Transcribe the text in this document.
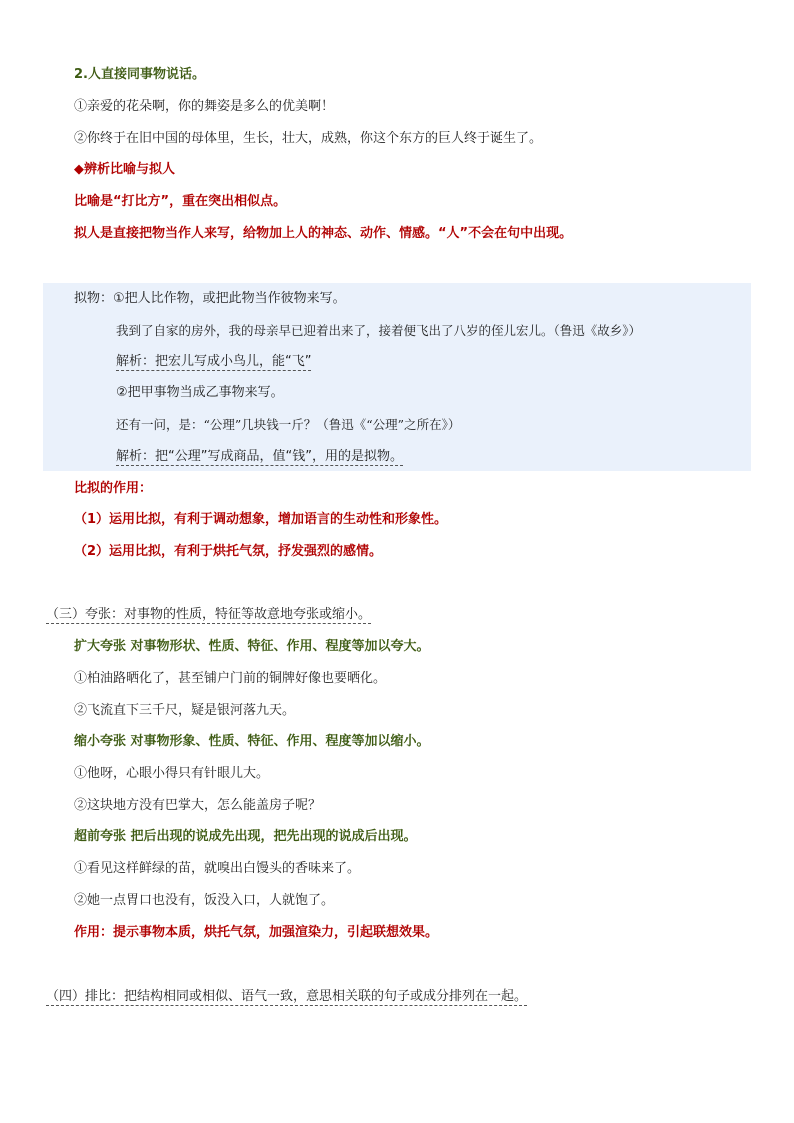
2.人直接同事物说话。
①亲爱的花朵啊，你的舞姿是多么的优美啊！
②你终于在旧中国的母体里，生长，壮大，成熟，你这个东方的巨人终于诞生了。
◆辨析比喻与拟人
比喻是“打比方”，重在突出相似点。
拟人是直接把物当作人来写，给物加上人的神态、动作、情感。“人”不会在句中出现。
拟物：①把人比作物，或把此物当作彼物来写。
我到了自家的房外，我的母亲早已迎着出来了，接着便飞出了八岁的侄儿宏儿。（鲁迅《故乡》）
解析：把宏儿写成小鸟儿，能“飞”
②把甲事物当成乙事物来写。
还有一问，是：“公理”几块钱一斤？（鲁迅《“公理”之所在》）
解析：把“公理”写成商品，值“钱”，用的是拟物。
比拟的作用：
（1）运用比拟，有利于调动想象，增加语言的生动性和形象性。
（2）运用比拟，有利于烘托气氛，抒发强烈的感情。
（三）夸张：对事物的性质，特征等故意地夸张或缩小。
扩大夸张 对事物形状、性质、特征、作用、程度等加以夸大。
①柏油路晒化了，甚至铺户门前的铜牌好像也要晒化。
②飞流直下三千尺，疑是银河落九天。
缩小夸张 对事物形象、性质、特征、作用、程度等加以缩小。
①他呀，心眼小得只有针眼儿大。
②这块地方没有巴掌大，怎么能盖房子呢？
超前夸张 把后出现的说成先出现，把先出现的说成后出现。
①看见这样鲜绿的苗，就嗅出白馒头的香味来了。
②她一点胃口也没有，饭没入口，人就饱了。
作用：提示事物本质，烘托气氛，加强渲染力，引起联想效果。
（四）排比：把结构相同或相似、语气一致，意思相关联的句子或成分排列在一起。
